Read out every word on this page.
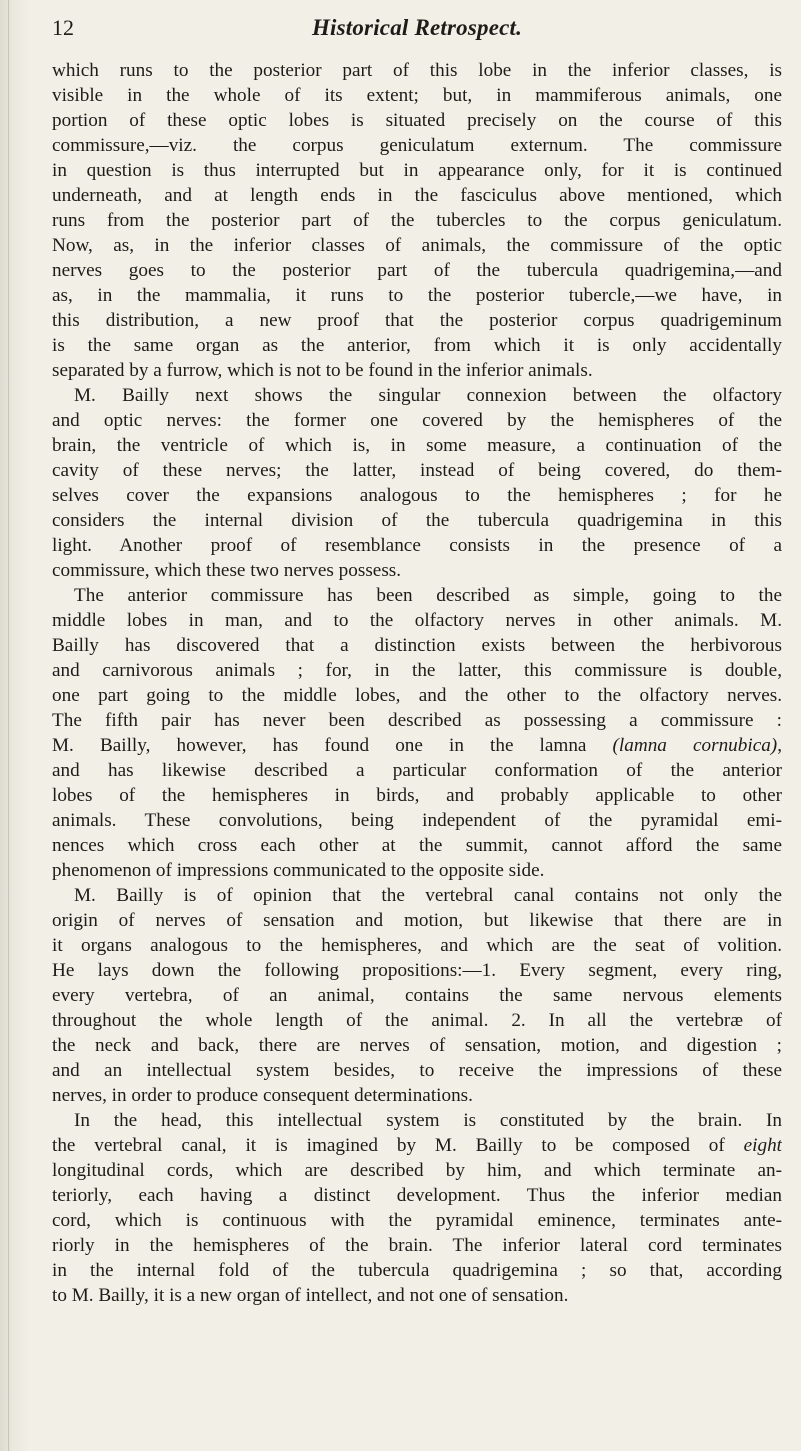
12	Historical Retrospect.
which runs to the posterior part of this lobe in the inferior classes, is
visible in the whole of its extent; but, in mammiferous animals, one
portion of these optic lobes is situated precisely on the course of this
commissure,—viz. the corpus geniculatum externum. The commissure
in question is thus interrupted but in appearance only, for it is continued
underneath, and at length ends in the fasciculus above mentioned, which
runs from the posterior part of the tubercles to the corpus geniculatum.
Now, as, in the inferior classes of animals, the commissure of the optic
nerves goes to the posterior part of the tubercula quadrigemina,—and
as, in the mammalia, it runs to the posterior tubercle,—we have, in
this distribution, a new proof that the posterior corpus quadrigeminum
is the same organ as the anterior, from which it is only accidentally
separated by a furrow, which is not to be found in the inferior animals.
M. Bailly next shows the singular connexion between the olfactory
and optic nerves: the former one covered by the hemispheres of the
brain, the ventricle of which is, in some measure, a continuation of the
cavity of these nerves; the latter, instead of being covered, do them-
selves cover the expansions analogous to the hemispheres ; for he
considers the internal division of the tubercula quadrigemina in this
light. Another proof of resemblance consists in the presence of a
commissure, which these two nerves possess.
The anterior commissure has been described as simple, going to the
middle lobes in man, and to the olfactory nerves in other animals. M.
Bailly has discovered that a distinction exists between the herbivorous
and carnivorous animals ; for, in the latter, this commissure is double,
one part going to the middle lobes, and the other to the olfactory nerves.
The fifth pair has never been described as possessing a commissure :
M. Bailly, however, has found one in the lamna (lamna cornubica),
and has likewise described a particular conformation of the anterior
lobes of the hemispheres in birds, and probably applicable to other
animals. These convolutions, being independent of the pyramidal emi-
nences which cross each other at the summit, cannot afford the same
phenomenon of impressions communicated to the opposite side.
M. Bailly is of opinion that the vertebral canal contains not only the
origin of nerves of sensation and motion, but likewise that there are in
it organs analogous to the hemispheres, and which are the seat of volition.
He lays down the following propositions:—1. Every segment, every ring,
every vertebra, of an animal, contains the same nervous elements
throughout the whole length of the animal. 2. In all the vertebræ of
the neck and back, there are nerves of sensation, motion, and digestion ;
and an intellectual system besides, to receive the impressions of these
nerves, in order to produce consequent determinations.
In the head, this intellectual system is constituted by the brain. In
the vertebral canal, it is imagined by M. Bailly to be composed of eight
longitudinal cords, which are described by him, and which terminate an-
teriorly, each having a distinct development. Thus the inferior median
cord, which is continuous with the pyramidal eminence, terminates ante-
riorly in the hemispheres of the brain. The inferior lateral cord terminates
in the internal fold of the tubercula quadrigemina ; so that, according
to M. Bailly, it is a new organ of intellect, and not one of sensation.
